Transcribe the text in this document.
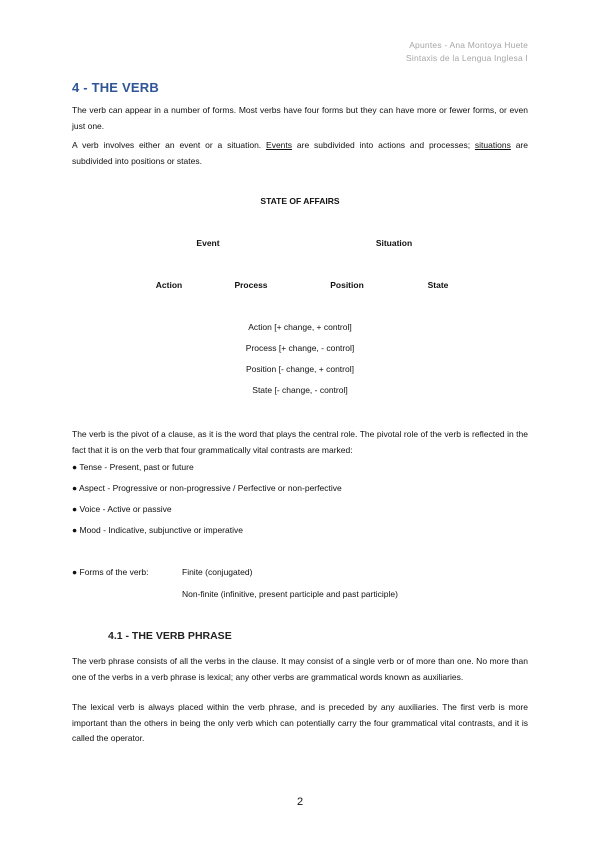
Apuntes - Ana Montoya Huete
Sintaxis de la Lengua Inglesa I
4 - THE VERB
The verb can appear in a number of forms. Most verbs have four forms but they can have more or fewer forms, or even just one.
A verb involves either an event or a situation. Events are subdivided into actions and processes; situations are subdivided into positions or states.
STATE OF AFFAIRS
Event	Situation
Action	Process	Position	State
Action [+ change, + control]
Process [+ change, - control]
Position [- change, + control]
State [- change, - control]
The verb is the pivot of a clause, as it is the word that plays the central role. The pivotal role of the verb is reflected in the fact that it is on the verb that four grammatically vital contrasts are marked:
● Tense - Present, past or future
● Aspect - Progressive or non-progressive / Perfective or non-perfective
● Voice - Active or passive
● Mood - Indicative, subjunctive or imperative
● Forms of the verb:	Finite (conjugated)
Non-finite (infinitive, present participle and past participle)
4.1 - THE VERB PHRASE
The verb phrase consists of all the verbs in the clause. It may consist of a single verb or of more than one. No more than one of the verbs in a verb phrase is lexical; any other verbs are grammatical words known as auxiliaries.
The lexical verb is always placed within the verb phrase, and is preceded by any auxiliaries. The first verb is more important than the others in being the only verb which can potentially carry the four grammatical vital contrasts, and it is called the operator.
2
